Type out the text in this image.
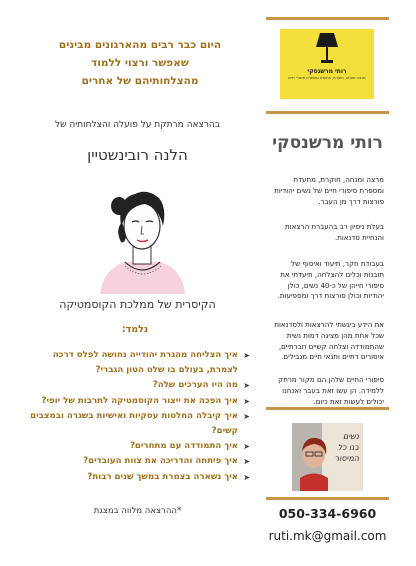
רותי מרשנסקי
מרצה ומנחה, חוקרת, מתעדת ומספרת סיפורי חיים
רותי מרשנסקי
מרצה ומנחה, חוקרת, מתעדת ומספרת סיפורי חיים של נשים יהודיות פורצות דרך מן העבר.
בעלת ניסיון רב בהעברת הרצאות והנחיית סדנאות.
בעבודת חקר, תיעוד ואיסוף של תובנות וכלים להצלחה, תיעדתי את סיפורי חייהן של כ-40 נשים, כולן יהודיות וכולן פורצות דרך ומספיעות.
את הידע ביגשתי להרצאות ולסדנאות שכל אחת מהן מציגה דמות נשית שהתמודדה וצלחה קשיים חברתיים, איסורים דתיים ותנאי חיים מגבילים.
סיפורי החיים שלהן הם מקור מרתק ללמידה. הן עשו זאת בעבר ואנחנו יכולים לעשות זאת כיום.
נשים
בנו כל
המיסור
050-334-6960
ruti.mk@gmail.com
היום כבר רבים מהארגונים מבינים
שאפשר ורצוי ללמוד
מהצלחותיהם של אחרים
בהרצאה מרתקת על פועלה והצלחותיה של
הלנה רובינשטיין
הקיסרית של ממלכת הקוסמטיקה
נלמד:
➤
איך הצליחה מהגרת יהודייה נחושה לפלס דרכה לצמרת, בעולם בו שלט הטון הגברי?
➤
מה היו הערכים שלה?
➤
איך הפכה את ייצור הקוסמטיקה לתרבות של יופי?
➤
איך קיבלה החלטות עסקיות ואישיות בשגרה ובמצבים קשים?
➤
איך התמודדה עם מתחרים?
➤
איך פיתחה והדריכה את צוות העובדים?
➤
איך נשארה בצמרת במשך שנים רבות?
*ההרצאה מלווה במצגת
